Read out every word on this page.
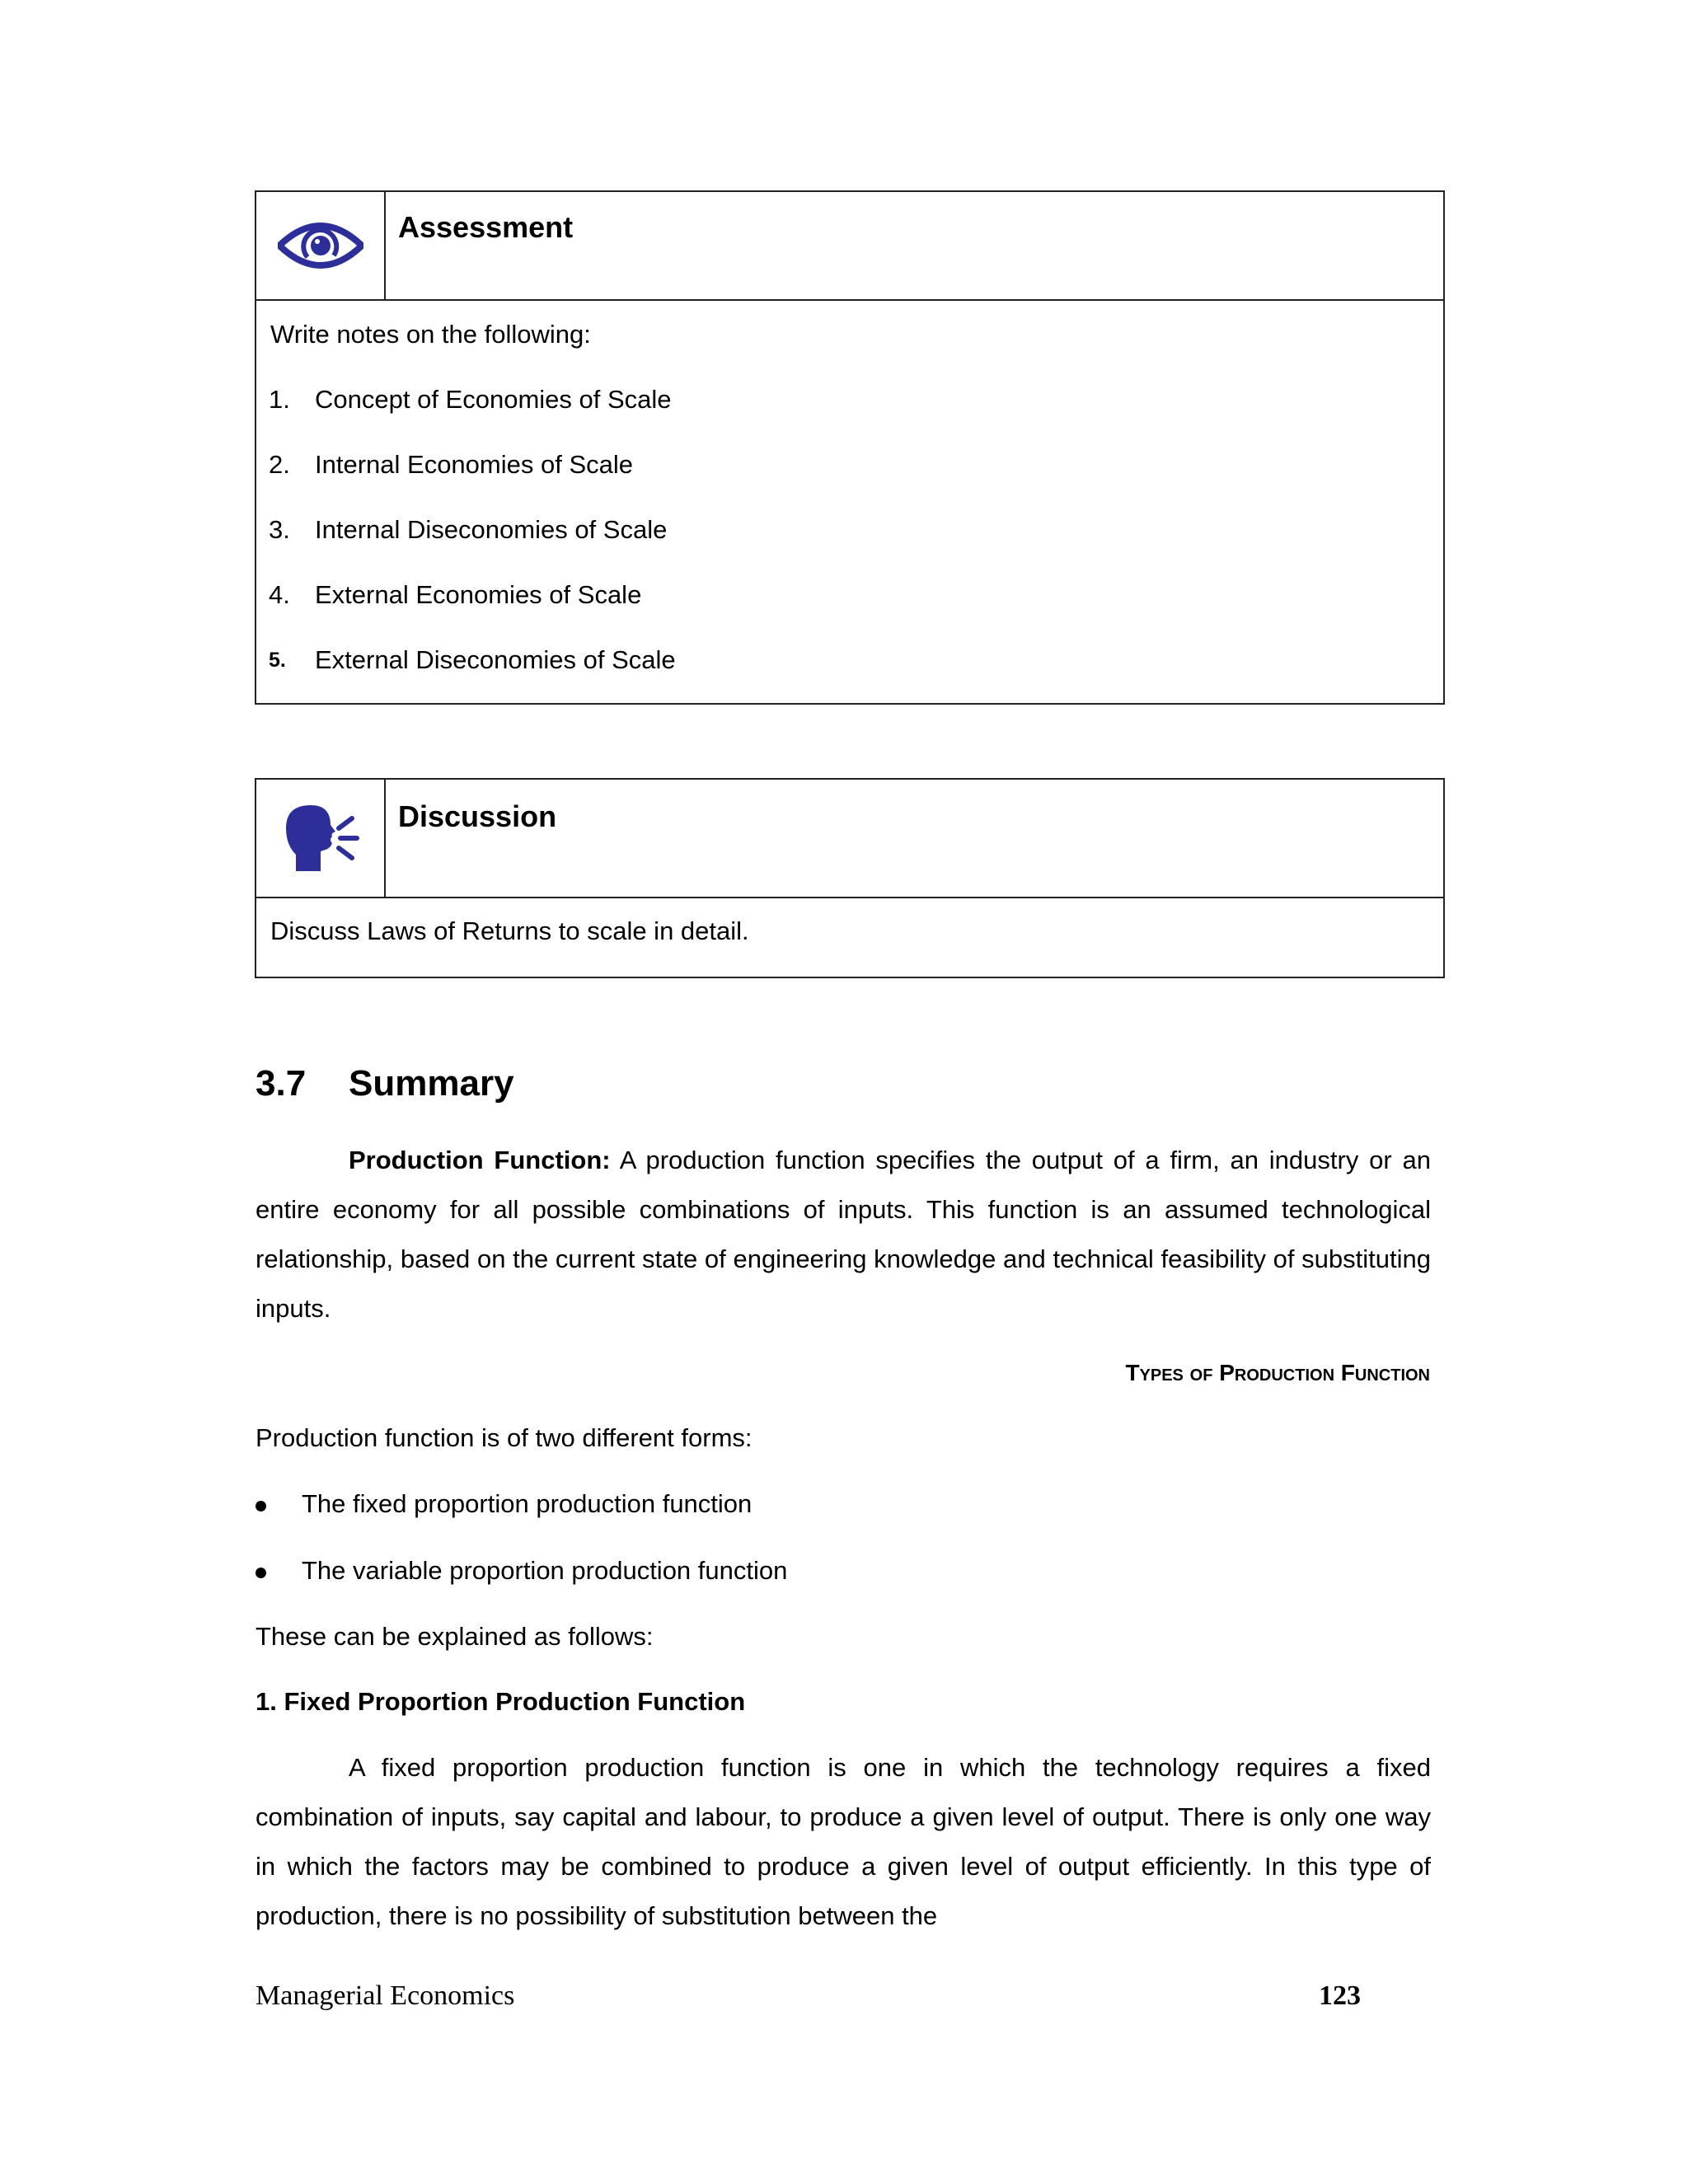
Assessment
Write notes on the following:
1. Concept of Economies of Scale
2. Internal Economies of Scale
3. Internal Diseconomies of Scale
4. External Economies of Scale
5. External Diseconomies of Scale
Discussion
Discuss Laws of Returns to scale in detail.
3.7 Summary
Production Function: A production function specifies the output of a firm, an industry or an entire economy for all possible combinations of inputs. This function is an assumed technological relationship, based on the current state of engineering knowledge and technical feasibility of substituting inputs.
Types of Production Function
Production function is of two different forms:
The fixed proportion production function
The variable proportion production function
These can be explained as follows:
1. Fixed Proportion Production Function
A fixed proportion production function is one in which the technology requires a fixed combination of inputs, say capital and labour, to produce a given level of output. There is only one way in which the factors may be combined to produce a given level of output efficiently. In this type of production, there is no possibility of substitution between the
Managerial Economics	123
